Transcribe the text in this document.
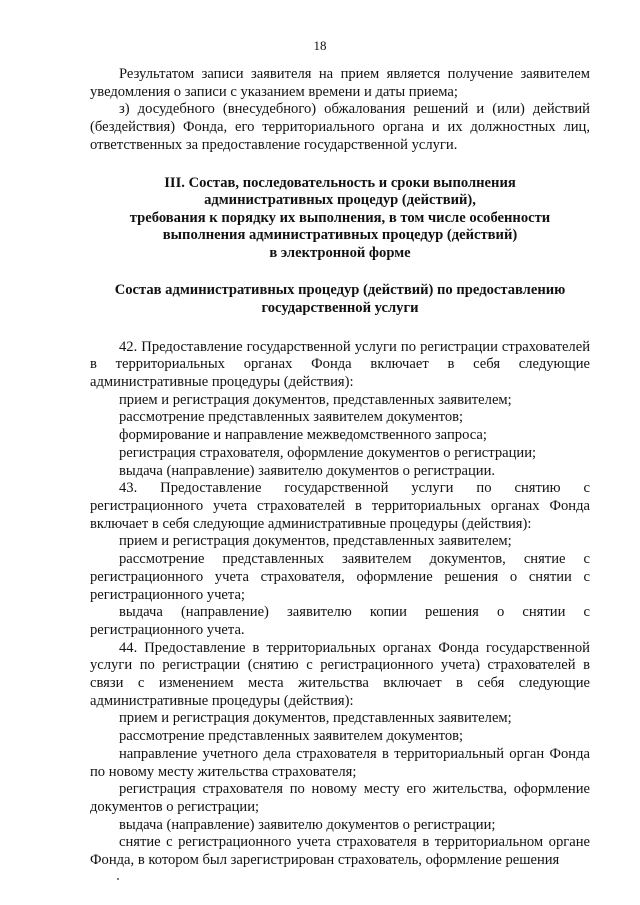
18

Результатом записи заявителя на прием является получение заявителем уведомления о записи с указанием времени и даты приема;

з) досудебного (внесудебного) обжалования решений и (или) действий (бездействия) Фонда, его территориального органа и их должностных лиц, ответственных за предоставление государственной услуги.

III. Состав, последовательность и сроки выполнения
административных процедур (действий),
требования к порядку их выполнения, в том числе особенности
выполнения административных процедур (действий)
в электронной форме
Состав административных процедур (действий) по предоставлению
государственной услуги

42. Предоставление государственной услуги по регистрации страхователей в территориальных органах Фонда включает в себя следующие административные процедуры (действия):

прием и регистрация документов, представленных заявителем;

рассмотрение представленных заявителем документов;

формирование и направление межведомственного запроса;

регистрация страхователя, оформление документов о регистрации;

выдача (направление) заявителю документов о регистрации.

43. Предоставление государственной услуги по снятию с регистрационного учета страхователей в территориальных органах Фонда включает в себя следующие административные процедуры (действия):

прием и регистрация документов, представленных заявителем;

рассмотрение представленных заявителем документов, снятие с регистрационного учета страхователя, оформление решения о снятии с регистрационного учета;

выдача (направление) заявителю копии решения о снятии с регистрационного учета.

44. Предоставление в территориальных органах Фонда государственной услуги по регистрации (снятию с регистрационного учета) страхователей в связи с изменением места жительства включает в себя следующие административные процедуры (действия):

прием и регистрация документов, представленных заявителем;

рассмотрение представленных заявителем документов;

направление учетного дела страхователя в территориальный орган Фонда по новому месту жительства страхователя;

регистрация страхователя по новому месту его жительства, оформление документов о регистрации;

выдача (направление) заявителю документов о регистрации;

снятие с регистрационного учета страхователя в территориальном органе Фонда, в котором был зарегистрирован страхователь, оформление решения
